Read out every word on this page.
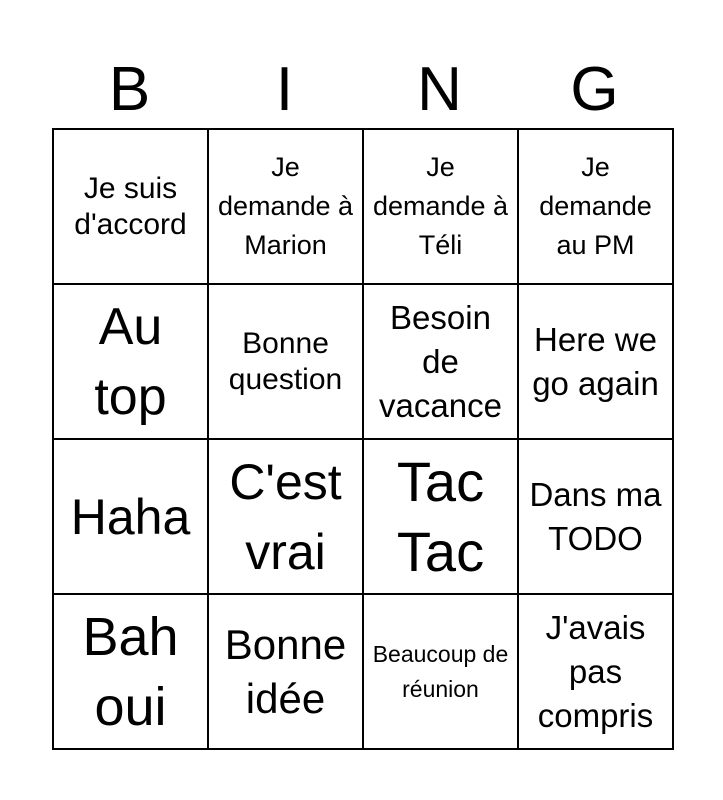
B	I	N	G
Je suis d'accord	Je demande à Marion	Je demande à Téli	Je demande au PM
Au top	Bonne question	Besoin de vacance	Here we go again
Haha	C'est vrai	Tac Tac	Dans ma TODO
Bah oui	Bonne idée	Beaucoup de réunion	J'avais pas compris
